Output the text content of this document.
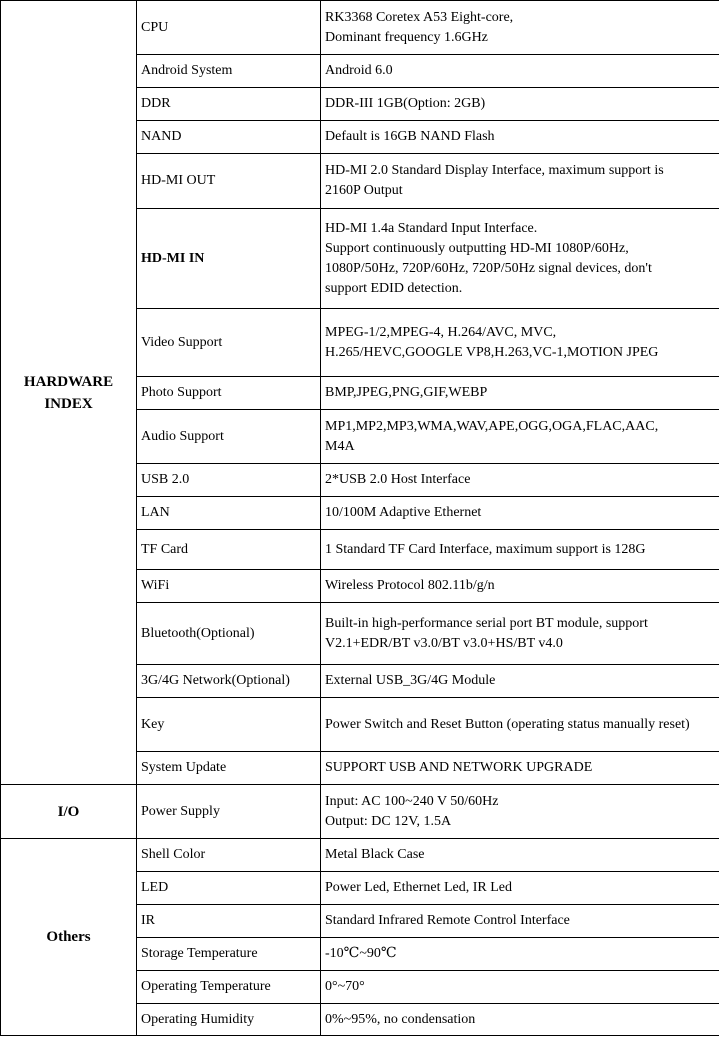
HARDWARE
INDEX	CPU	RK3368 Coretex A53 Eight-core,
Dominant frequency 1.6GHz
	Android System	Android 6.0
	DDR	DDR-III 1GB(Option: 2GB)
	NAND	Default is 16GB NAND Flash
	HD-MI OUT	HD-MI 2.0 Standard Display Interface, maximum support is
2160P Output
	HD-MI IN	HD-MI 1.4a Standard Input Interface.
Support continuously outputting HD-MI 1080P/60Hz,
1080P/50Hz, 720P/60Hz, 720P/50Hz signal devices, don't
support EDID detection.
	Video Support	MPEG-1/2,MPEG-4, H.264/AVC, MVC,
H.265/HEVC,GOOGLE VP8,H.263,VC-1,MOTION JPEG
	Photo Support	BMP,JPEG,PNG,GIF,WEBP
	Audio Support	MP1,MP2,MP3,WMA,WAV,APE,OGG,OGA,FLAC,AAC,
M4A
	USB 2.0	2*USB 2.0 Host Interface
	LAN	10/100M Adaptive Ethernet
	TF Card	1 Standard TF Card Interface, maximum support is 128G
	WiFi	Wireless Protocol 802.11b/g/n
	Bluetooth(Optional)	Built-in high-performance serial port BT module, support
V2.1+EDR/BT v3.0/BT v3.0+HS/BT v4.0
	3G/4G Network(Optional)	External USB_3G/4G Module
	Key	Power Switch and Reset Button (operating status manually reset)
	System Update	SUPPORT USB AND NETWORK UPGRADE
I/O	Power Supply	Input: AC 100~240 V 50/60Hz
Output: DC 12V, 1.5A
Others	Shell Color	Metal Black Case
	LED	Power Led, Ethernet Led, IR Led
	IR	Standard Infrared Remote Control Interface
	Storage Temperature	-10℃~90℃
	Operating Temperature	0°~70°
	Operating Humidity	0%~95%, no condensation
